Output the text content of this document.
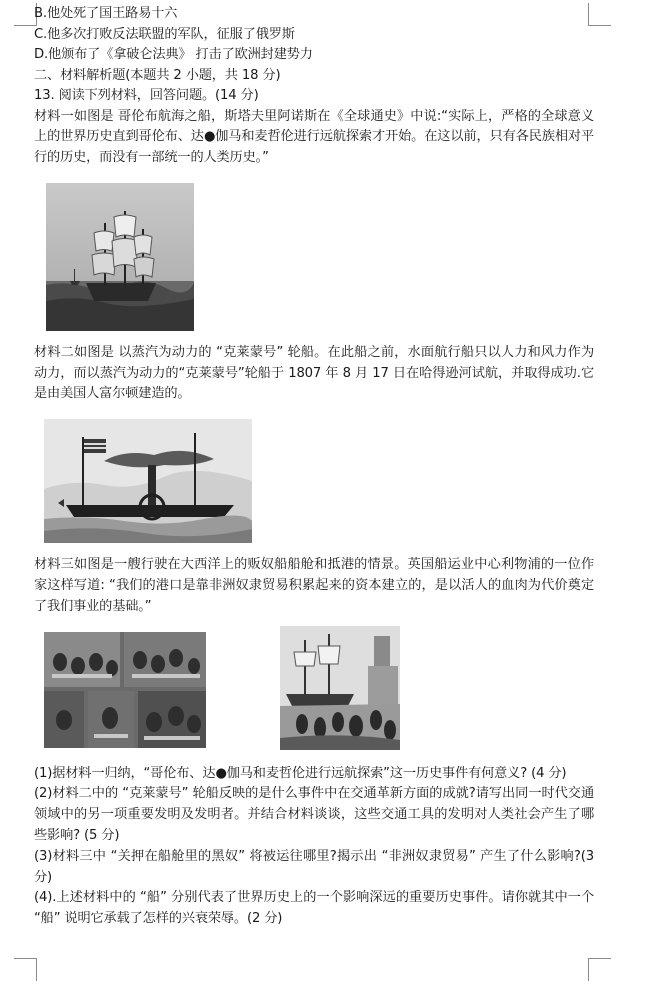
B.他处死了国王路易十六
C.他多次打败反法联盟的军队，征服了俄罗斯
D.他颁布了《拿破仑法典》 打击了欧洲封建势力
二、材料解析题(本题共 2 小题，共 18 分)
13. 阅读下列材料，回答问题。(14 分)
材料一如图是 哥伦布航海之船，斯塔夫里阿诺斯在《全球通史》中说:“实际上，严格的全球意义上的世界历史直到哥伦布、达●伽马和麦哲伦进行远航探索才开始。在这以前，只有各民族相对平行的历史，而没有一部统一的人类历史。”
材料二如图是 以蒸汽为动力的 “克莱蒙号” 轮船。在此船之前，水面航行船只以人力和风力作为动力，而以蒸汽为动力的“克莱蒙号”轮船于 1807 年 8 月 17 日在哈得逊河试航，并取得成功.它是由美国人富尔顿建造的。
材料三如图是一艘行驶在大西洋上的贩奴船船舱和抵港的情景。英国船运业中心利物浦的一位作家这样写道: “我们的港口是靠非洲奴隶贸易积累起来的资本建立的，是以活人的血肉为代价奠定了我们事业的基础。”
(1)据材料一归纳，“哥伦布、达●伽马和麦哲伦进行远航探索”这一历史事件有何意义? (4 分)
(2)材料二中的 “克莱蒙号” 轮船反映的是什么事件中在交通革新方面的成就?请写出同一时代交通领域中的另一项重要发明及发明者。并结合材料谈谈，这些交通工具的发明对人类社会产生了哪些影响? (5 分)
(3)材料三中 “关押在船舱里的黑奴” 将被运往哪里?揭示出 “非洲奴隶贸易” 产生了什么影响?(3 分)
(4).上述材料中的 “船” 分别代表了世界历史上的一个影响深远的重要历史事件。请你就其中一个 “船” 说明它承载了怎样的兴衰荣辱。(2 分)
